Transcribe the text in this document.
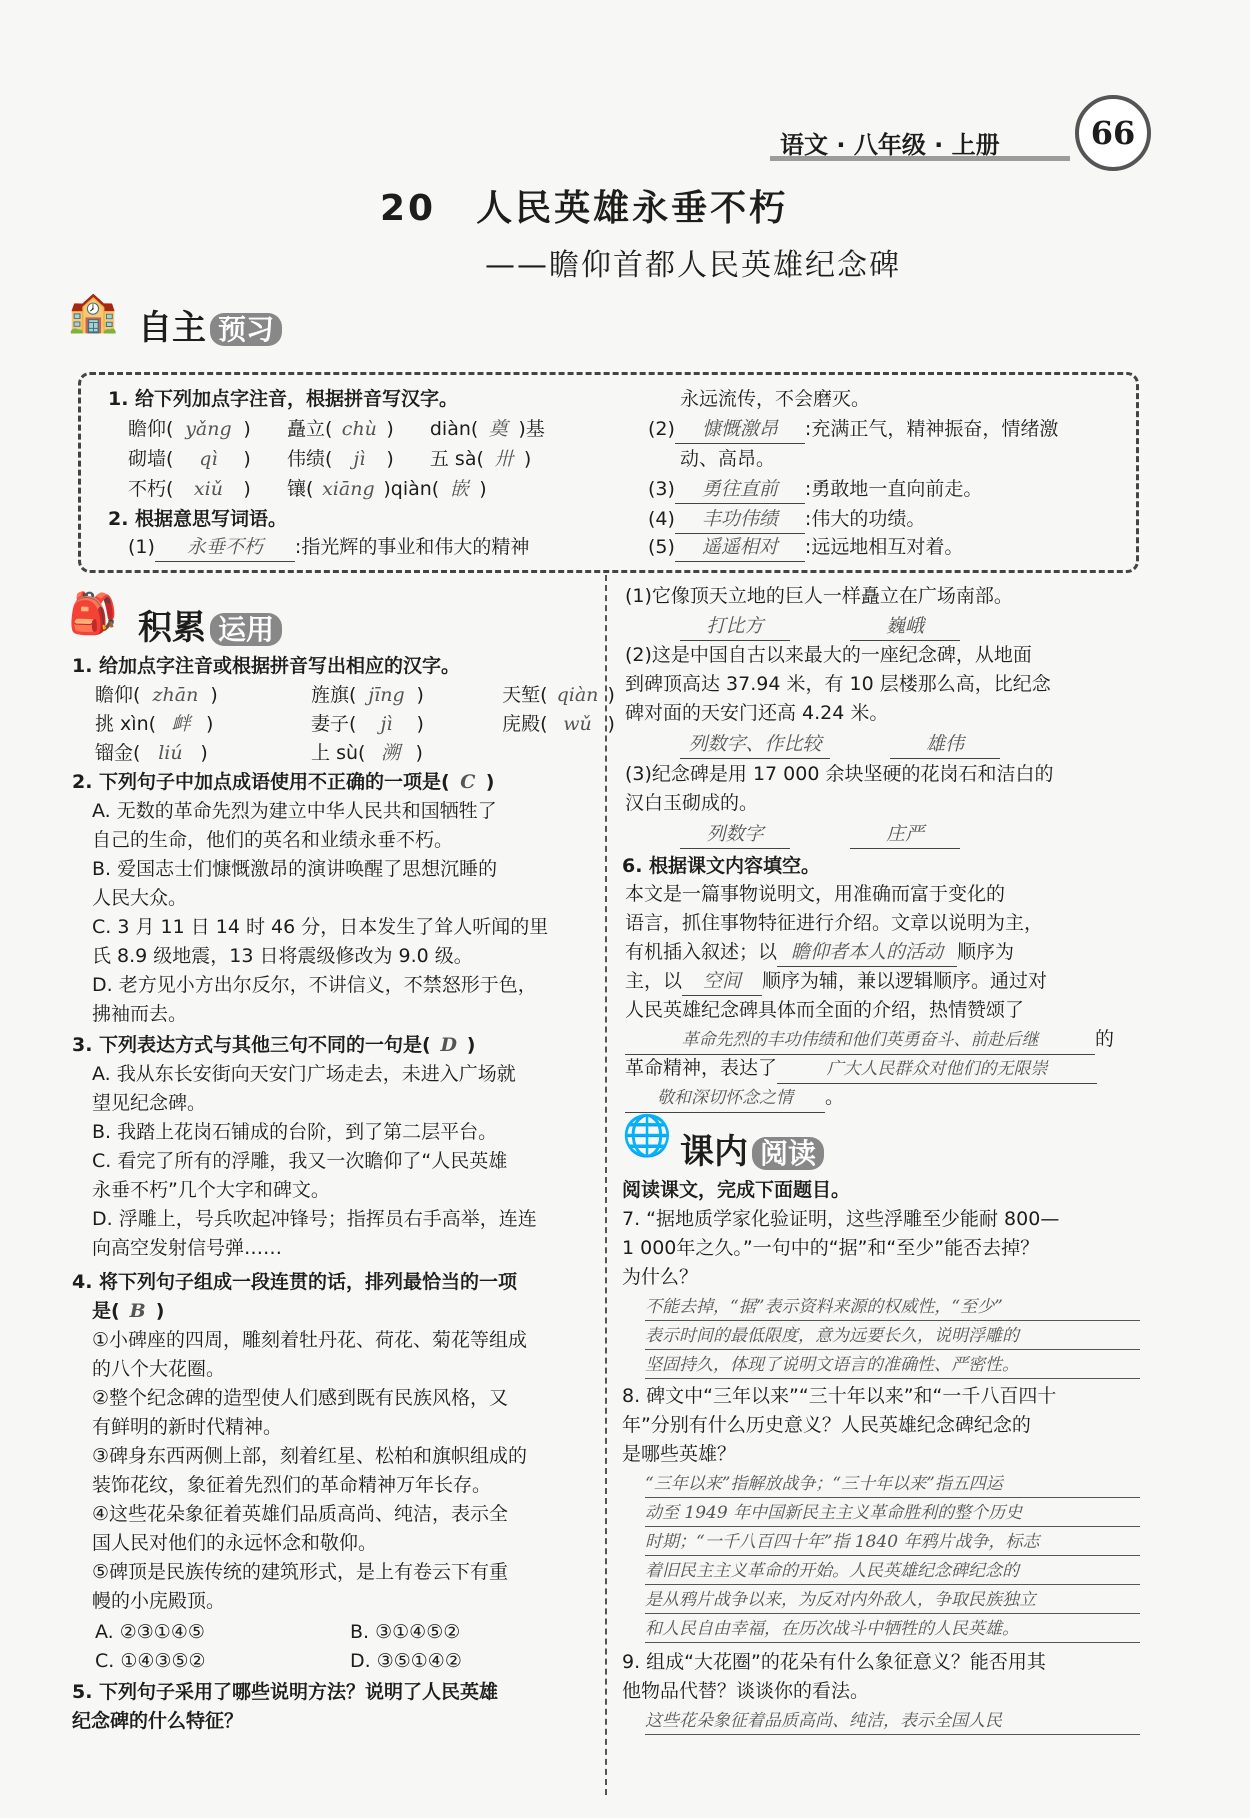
语文 · 八年级 · 上册	66
20 人民英雄永垂不朽
——瞻仰首都人民英雄纪念碑
🏫 自主 预习
1. 给下列加点字注音，根据拼音写汉字。
瞻仰( yǎng ) 矗立( chù ) diàn( 奠 )基
砌墙( qì ) 伟绩( jì ) 五 sà( 卅 )
不朽( xiǔ ) 镶( xiāng )qiàn( 嵌 )
2. 根据意思写词语。
(1) 永垂不朽 :指光辉的事业和伟大的精神
永远流传，不会磨灭。
(2) 慷慨激昂 :充满正气，精神振奋，情绪激
动、高昂。
(3) 勇往直前 :勇敢地一直向前走。
(4) 丰功伟绩 :伟大的功绩。
(5) 遥遥相对 :远远地相互对着。
🎒 积累 运用
1. 给加点字注音或根据拼音写出相应的汉字。
瞻仰( zhān )	旌旗( jīng )	天堑( qiàn )
挑 xìn( 衅 )	妻子( jì )	庑殿( wǔ )
镏金( liú )	上 sù( 溯 )
2. 下列句子中加点成语使用不正确的一项是( C )
A. 无数的革命先烈为建立中华人民共和国牺牲了
自己的生命，他们的英名和业绩永垂不朽。
B. 爱国志士们慷慨激昂的演讲唤醒了思想沉睡的
人民大众。
C. 3 月 11 日 14 时 46 分，日本发生了耸人听闻的里
氏 8.9 级地震，13 日将震级修改为 9.0 级。
D. 老方见小方出尔反尔，不讲信义，不禁怒形于色，
拂袖而去。
3. 下列表达方式与其他三句不同的一句是( D )
A. 我从东长安街向天安门广场走去，未进入广场就
望见纪念碑。
B. 我踏上花岗石铺成的台阶，到了第二层平台。
C. 看完了所有的浮雕，我又一次瞻仰了“人民英雄
永垂不朽”几个大字和碑文。
D. 浮雕上，号兵吹起冲锋号；指挥员右手高举，连连
向高空发射信号弹……
4. 将下列句子组成一段连贯的话，排列最恰当的一项
是( B )
①小碑座的四周，雕刻着牡丹花、荷花、菊花等组成
的八个大花圈。
②整个纪念碑的造型使人们感到既有民族风格，又
有鲜明的新时代精神。
③碑身东西两侧上部，刻着红星、松柏和旗帜组成的
装饰花纹，象征着先烈们的革命精神万年长存。
④这些花朵象征着英雄们品质高尚、纯洁，表示全
国人民对他们的永远怀念和敬仰。
⑤碑顶是民族传统的建筑形式，是上有卷云下有重
幔的小庑殿顶。
A. ②③①④⑤	B. ③①④⑤②
C. ①④③⑤②	D. ③⑤①④②
5. 下列句子采用了哪些说明方法？说明了人民英雄
纪念碑的什么特征？
(1)它像顶天立地的巨人一样矗立在广场南部。
打比方	巍峨
(2)这是中国自古以来最大的一座纪念碑，从地面
到碑顶高达 37.94 米，有 10 层楼那么高，比纪念
碑对面的天安门还高 4.24 米。
列数字、作比较	雄伟
(3)纪念碑是用 17 000 余块坚硬的花岗石和洁白的
汉白玉砌成的。
列数字	庄严
6. 根据课文内容填空。
本文是一篇事物说明文，用准确而富于变化的
语言，抓住事物特征进行介绍。文章以说明为主，
有机插入叙述；以 瞻仰者本人的活动 顺序为
主，以 空间 顺序为辅，兼以逻辑顺序。通过对
人民英雄纪念碑具体而全面的介绍，热情赞颂了
革命先烈的丰功伟绩和他们英勇奋斗、前赴后继	的
革命精神，表达了	广大人民群众对他们的无限崇
敬和深切怀念之情 。
🌐 课内 阅读
阅读课文，完成下面题目。
7. “据地质学家化验证明，这些浮雕至少能耐 800—
1 000年之久。”一句中的“据”和“至少”能否去掉？
为什么？
不能去掉，“据”表示资料来源的权威性，“至少”
表示时间的最低限度，意为远要长久，说明浮雕的
坚固持久，体现了说明文语言的准确性、严密性。
8. 碑文中“三年以来”“三十年以来”和“一千八百四十
年”分别有什么历史意义？人民英雄纪念碑纪念的
是哪些英雄？
“三年以来”指解放战争；“三十年以来”指五四运
动至 1949 年中国新民主主义革命胜利的整个历史
时期；“一千八百四十年”指 1840 年鸦片战争，标志
着旧民主主义革命的开始。人民英雄纪念碑纪念的
是从鸦片战争以来，为反对内外敌人，争取民族独立
和人民自由幸福，在历次战斗中牺牲的人民英雄。
9. 组成“大花圈”的花朵有什么象征意义？能否用其
他物品代替？谈谈你的看法。
这些花朵象征着品质高尚、纯洁，表示全国人民
